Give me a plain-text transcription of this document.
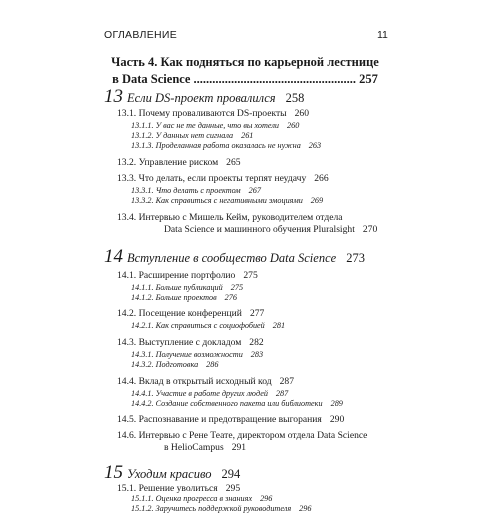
ОГЛАВЛЕНИЕ	11
Часть 4. Как подняться по карьерной лестнице
в Data Science .................................................... 257
13 Если DS-проект провалился 258
13.1. Почему проваливаются DS-проекты 260
13.1.1. У вас не те данные, что вы хотели 260
13.1.2. У данных нет сигнала 261
13.1.3. Проделанная работа оказалась не нужна 263
13.2. Управление риском 265
13.3. Что делать, если проекты терпят неудачу 266
13.3.1. Что делать с проектом 267
13.3.2. Как справиться с негативными эмоциями 269
13.4. Интервью с Мишель Кейм, руководителем отдела
Data Science и машинного обучения Pluralsight 270
14 Вступление в сообщество Data Science 273
14.1. Расширение портфолио 275
14.1.1. Больше публикаций 275
14.1.2. Больше проектов 276
14.2. Посещение конференций 277
14.2.1. Как справиться с социофобией 281
14.3. Выступление с докладом 282
14.3.1. Получение возможности 283
14.3.2. Подготовка 286
14.4. Вклад в открытый исходный код 287
14.4.1. Участие в работе других людей 287
14.4.2. Создание собственного пакета или библиотеки 289
14.5. Распознавание и предотвращение выгорания 290
14.6. Интервью с Рене Теате, директором отдела Data Science
в HelioCampus 291
15 Уходим красиво 294
15.1. Решение уволиться 295
15.1.1. Оценка прогресса в знаниях 296
15.1.2. Заручитесь поддержкой руководителя 296
